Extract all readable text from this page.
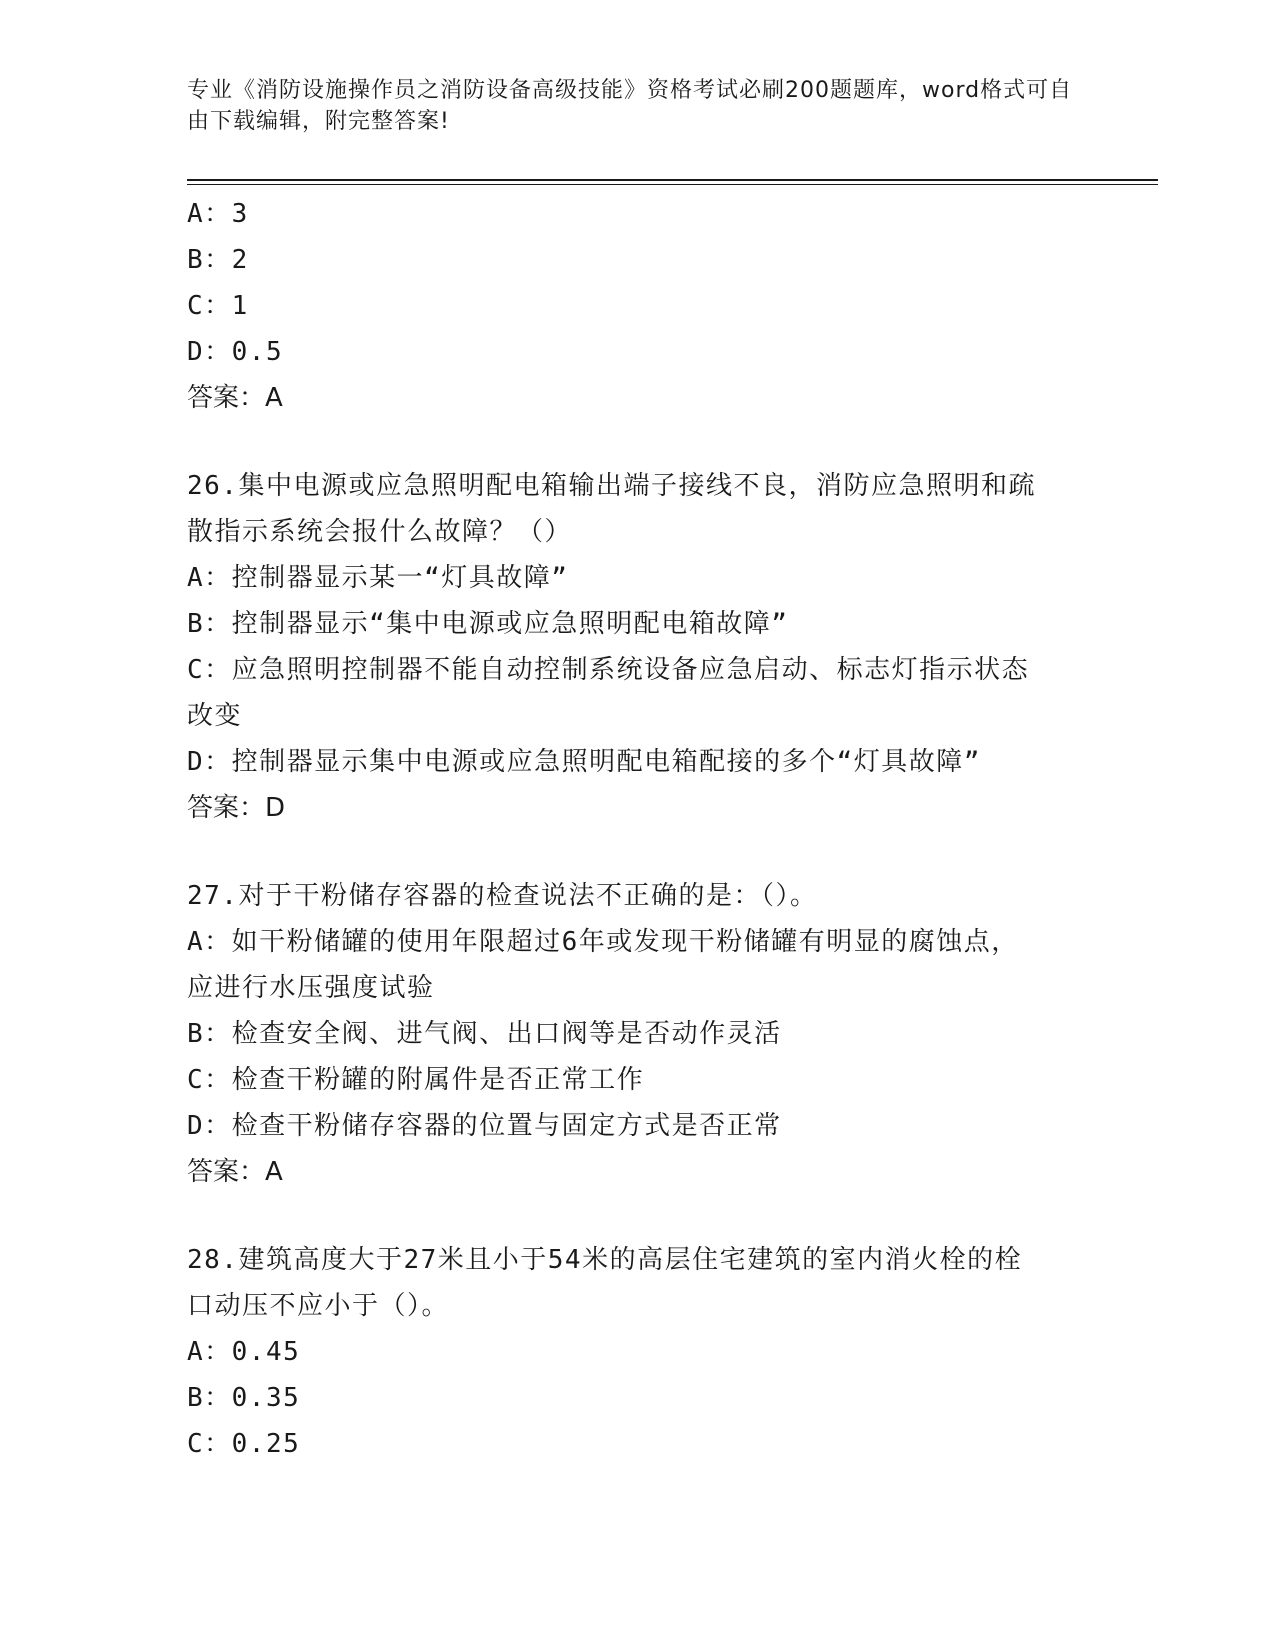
专业《消防设施操作员之消防设备高级技能》资格考试必刷200题题库，word格式可自由下载编辑，附完整答案!
A：3
B：2
C：1
D：0.5
答案：A
26.集中电源或应急照明配电箱输出端子接线不良，消防应急照明和疏
散指示系统会报什么故障？（）
A：控制器显示某一“灯具故障”
B：控制器显示“集中电源或应急照明配电箱故障”
C：应急照明控制器不能自动控制系统设备应急启动、标志灯指示状态
改变
D：控制器显示集中电源或应急照明配电箱配接的多个“灯具故障”
答案：D
27.对于干粉储存容器的检查说法不正确的是：（）。
A：如干粉储罐的使用年限超过6年或发现干粉储罐有明显的腐蚀点，
应进行水压强度试验
B：检查安全阀、进气阀、出口阀等是否动作灵活
C：检查干粉罐的附属件是否正常工作
D：检查干粉储存容器的位置与固定方式是否正常
答案：A
28.建筑高度大于27米且小于54米的高层住宅建筑的室内消火栓的栓
口动压不应小于（）。
A：0.45
B：0.35
C：0.25
